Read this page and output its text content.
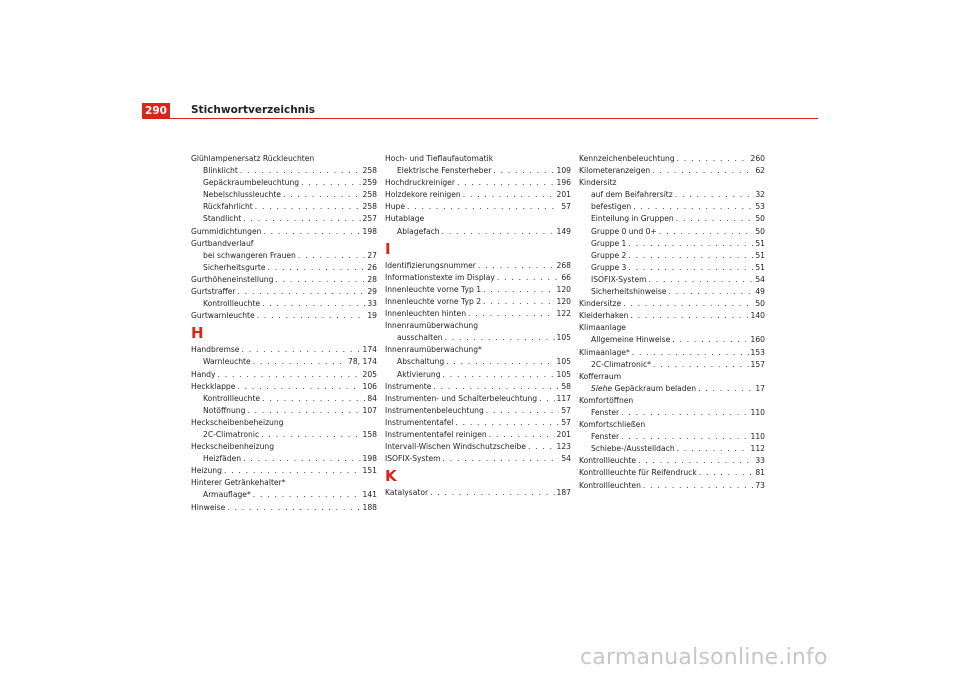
290 Stichwortverzeichnis
Glühlampenersatz Rückleuchten
Blinklicht . . .	258
Gepäckraumbeleuchtung . . .	259
Nebelschlussleuchte . . .	258
Rückfahrlicht . . .	258
Standlicht . . .	257
Gummidichtungen . . .	198
Gurtbandverlauf
bei schwangeren Frauen . . .	27
Sicherheitsgurte . . .	26
Gurthöheneinstellung . . .	28
Gurtstraffer . . .	29
Kontrollleuchte . . .	33
Gurtwarnleuchte . . .	19
H
Handbremse . . .	174
Warnleuchte . . .	78, 174
Handy . . .	205
Heckklappe . . .	106
Kontrollleuchte . . .	84
Notöffnung . . .	107
Heckscheibenbeheizung
2C-Climatronic . . .	158
Heckscheibenheizung
Heizfäden . . .	198
Heizung . . .	151
Hinterer Getränkehalter*
Armauflage* . . .	141
Hinweise . . .	188
Hoch- und Tieflaufautomatik
Elektrische Fensterheber . . .	109
Hochdruckreiniger . . .	196
Holzdekore reinigen . . .	201
Hupe . . .	57
Hutablage
Ablagefach . . .	149
I
Identifizierungsnummer . . .	268
Informationstexte im Display . . .	66
Innenleuchte vorne Typ 1 . . .	120
Innenleuchte vorne Typ 2 . . .	120
Innenleuchten hinten . . .	122
Innenraumüberwachung
ausschalten . . .	105
Innenraumüberwachung*
Abschaltung . . .	105
Aktivierung . . .	105
Instrumente . . .	58
Instrumenten- und Schalterbeleuchtung . . .	117
Instrumentenbeleuchtung . . .	57
Instrumententafel . . .	57
Instrumententafel reinigen . . .	201
Intervall-Wischen Windschutzscheibe . . .	123
ISOFIX-System . . .	54
K
Katalysator . . .	187
Kennzeichenbeleuchtung . . .	260
Kilometeranzeigen . . .	62
Kindersitz
auf dem Beifahrersitz . . .	32
befestigen . . .	53
Einteilung in Gruppen . . .	50
Gruppe 0 und 0+ . . .	50
Gruppe 1 . . .	51
Gruppe 2 . . .	51
Gruppe 3 . . .	51
ISOFIX-System . . .	54
Sicherheitshinweise . . .	49
Kindersitze . . .	50
Kleiderhaken . . .	140
Klimaanlage
Allgemeine Hinweise . . .	160
Klimaanlage* . . .	153
2C-Climatronic* . . .	157
Kofferraum
Siehe Gepäckraum beladen . . .	17
Komfortöffnen
Fenster . . .	110
Komfortschließen
Fenster . . .	110
Schiebe-/Ausstelldach . . .	112
Kontrollleuchte . . .	33
Kontrollleuchte für Reifendruck . . .	81
Kontrollleuchten . . .	73
carmanualsonline.info
